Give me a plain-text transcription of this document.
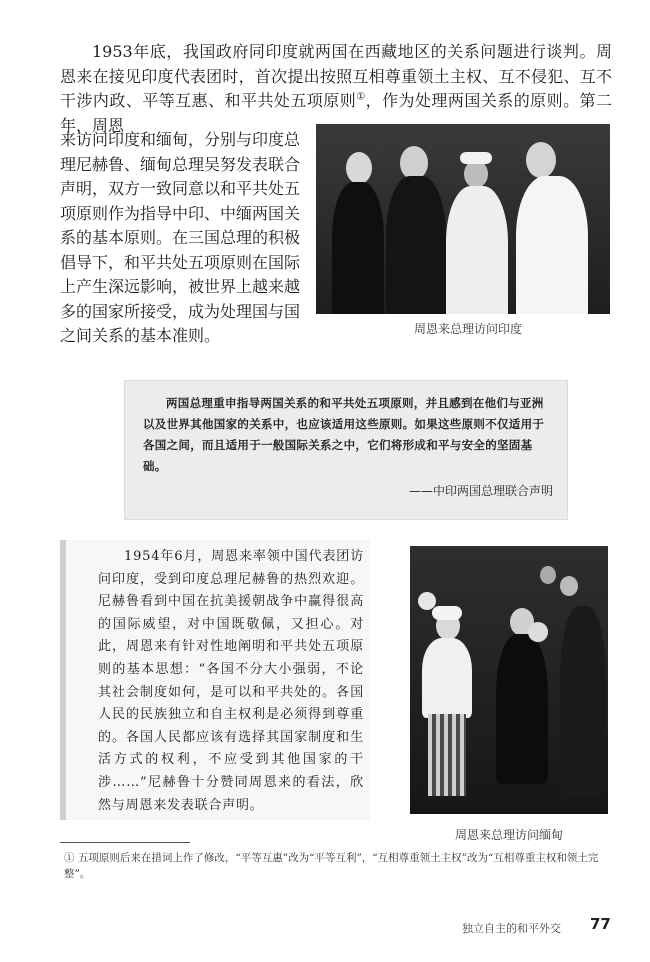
1953年底，我国政府同印度就两国在西藏地区的关系问题进行谈判。周恩来在接见印度代表团时，首次提出按照互相尊重领土主权、互不侵犯、互不干涉内政、平等互惠、和平共处五项原则①，作为处理两国关系的原则。第二年，周恩

来访问印度和缅甸，分别与印度总理尼赫鲁、缅甸总理吴努发表联合声明，双方一致同意以和平共处五项原则作为指导中印、中缅两国关系的基本原则。在三国总理的积极倡导下，和平共处五项原则在国际上产生深远影响，被世界上越来越多的国家所接受，成为处理国与国之间关系的基本准则。	周恩来总理访问印度

两国总理重申指导两国关系的和平共处五项原则，并且感到在他们与亚洲以及世界其他国家的关系中，也应该适用这些原则。如果这些原则不仅适用于各国之间，而且适用于一般国际关系之中，它们将形成和平与安全的坚固基础。

——中印两国总理联合声明

1954年6月，周恩来率领中国代表团访问印度，受到印度总理尼赫鲁的热烈欢迎。尼赫鲁看到中国在抗美援朝战争中赢得很高的国际威望，对中国既敬佩，又担心。对此，周恩来有针对性地阐明和平共处五项原则的基本思想：“各国不分大小强弱，不论其社会制度如何，是可以和平共处的。各国人民的民族独立和自主权利是必须得到尊重的。各国人民都应该有选择其国家制度和生活方式的权利，不应受到其他国家的干涉……”尼赫鲁十分赞同周恩来的看法，欣然与周恩来发表联合声明。

周恩来总理访问缅甸
① 五项原则后来在措词上作了修改，“平等互惠”改为“平等互利”，“互相尊重领土主权”改为“互相尊重主权和领土完整”。
独立自主的和平外交 77
